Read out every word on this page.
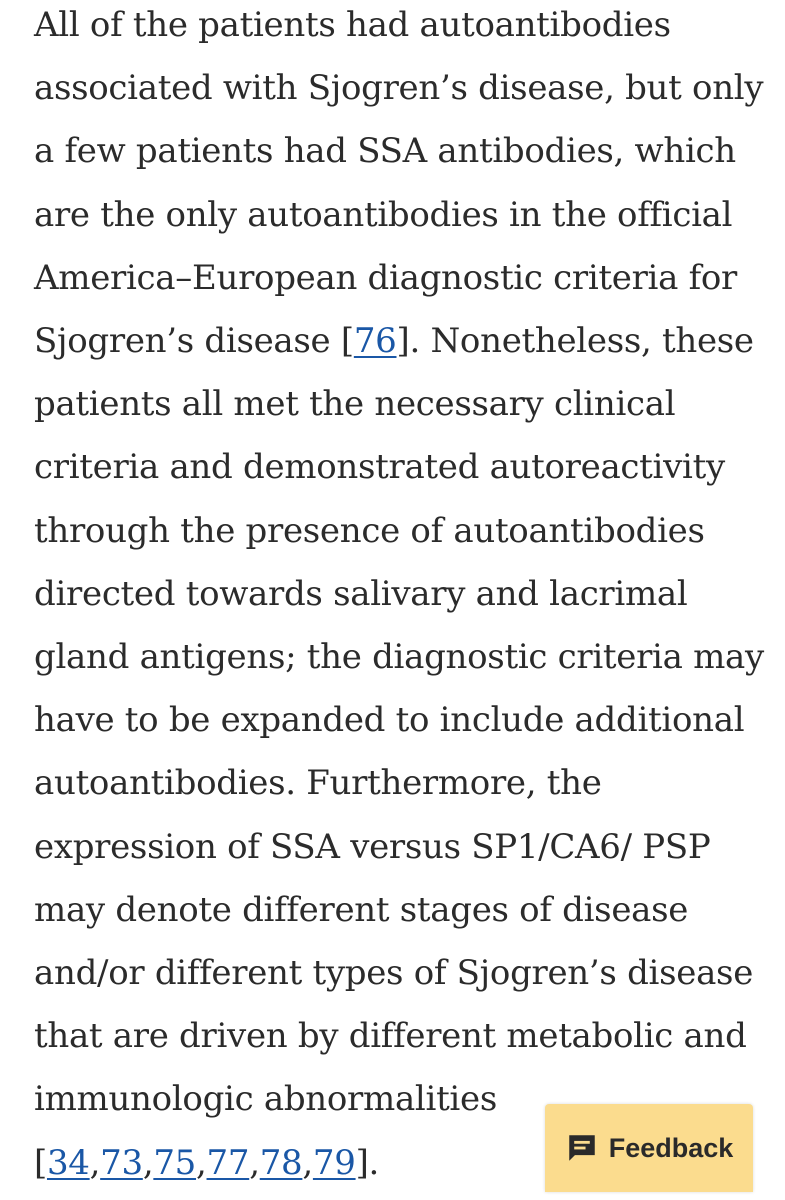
All of the patients had autoantibodies
associated with Sjogren’s disease, but only
a few patients had SSA antibodies, which
are the only autoantibodies in the official
America–European diagnostic criteria for
Sjogren’s disease [76]. Nonetheless, these
patients all met the necessary clinical
criteria and demonstrated autoreactivity
through the presence of autoantibodies
directed towards salivary and lacrimal
gland antigens; the diagnostic criteria may
have to be expanded to include additional
autoantibodies. Furthermore, the
expression of SSA versus SP1/CA6/ PSP
may denote different stages of disease
and/or different types of Sjogren’s disease
that are driven by different metabolic and
immunologic abnormalities
[34,73,75,77,78,79].	Feedback
